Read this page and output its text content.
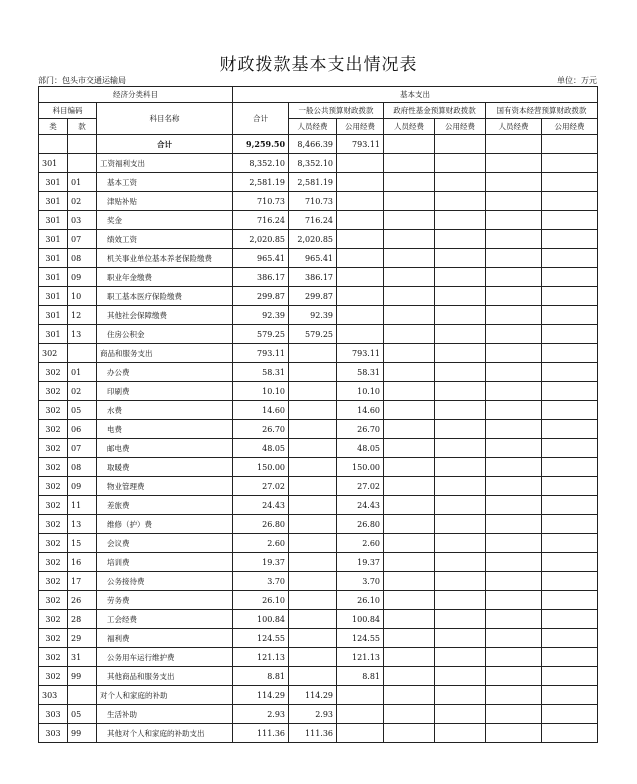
财政拨款基本支出情况表
部门：包头市交通运输局	单位：万元
经济分类科目			基本支出						
科目编码		科目名称	合计	一般公共预算财政拨款		政府性基金预算财政拨款		国有资本经营预算财政拨款	
类	款			人员经费	公用经费	人员经费	公用经费	人员经费	公用经费
		合计	9,259.50	8,466.39	793.11				
301		工资福利支出	8,352.10	8,352.10					
301	01	基本工资	2,581.19	2,581.19					
301	02	津贴补贴	710.73	710.73					
301	03	奖金	716.24	716.24					
301	07	绩效工资	2,020.85	2,020.85					
301	08	机关事业单位基本养老保险缴费	965.41	965.41					
301	09	职业年金缴费	386.17	386.17					
301	10	职工基本医疗保险缴费	299.87	299.87					
301	12	其他社会保障缴费	92.39	92.39					
301	13	住房公积金	579.25	579.25					
302		商品和服务支出	793.11		793.11				
302	01	办公费	58.31		58.31				
302	02	印刷费	10.10		10.10				
302	05	水费	14.60		14.60				
302	06	电费	26.70		26.70				
302	07	邮电费	48.05		48.05				
302	08	取暖费	150.00		150.00				
302	09	物业管理费	27.02		27.02				
302	11	差旅费	24.43		24.43				
302	13	维修（护）费	26.80		26.80				
302	15	会议费	2.60		2.60				
302	16	培训费	19.37		19.37				
302	17	公务接待费	3.70		3.70				
302	26	劳务费	26.10		26.10				
302	28	工会经费	100.84		100.84				
302	29	福利费	124.55		124.55				
302	31	公务用车运行维护费	121.13		121.13				
302	99	其他商品和服务支出	8.81		8.81				
303		对个人和家庭的补助	114.29	114.29					
303	05	生活补助	2.93	2.93					
303	99	其他对个人和家庭的补助支出	111.36	111.36					
